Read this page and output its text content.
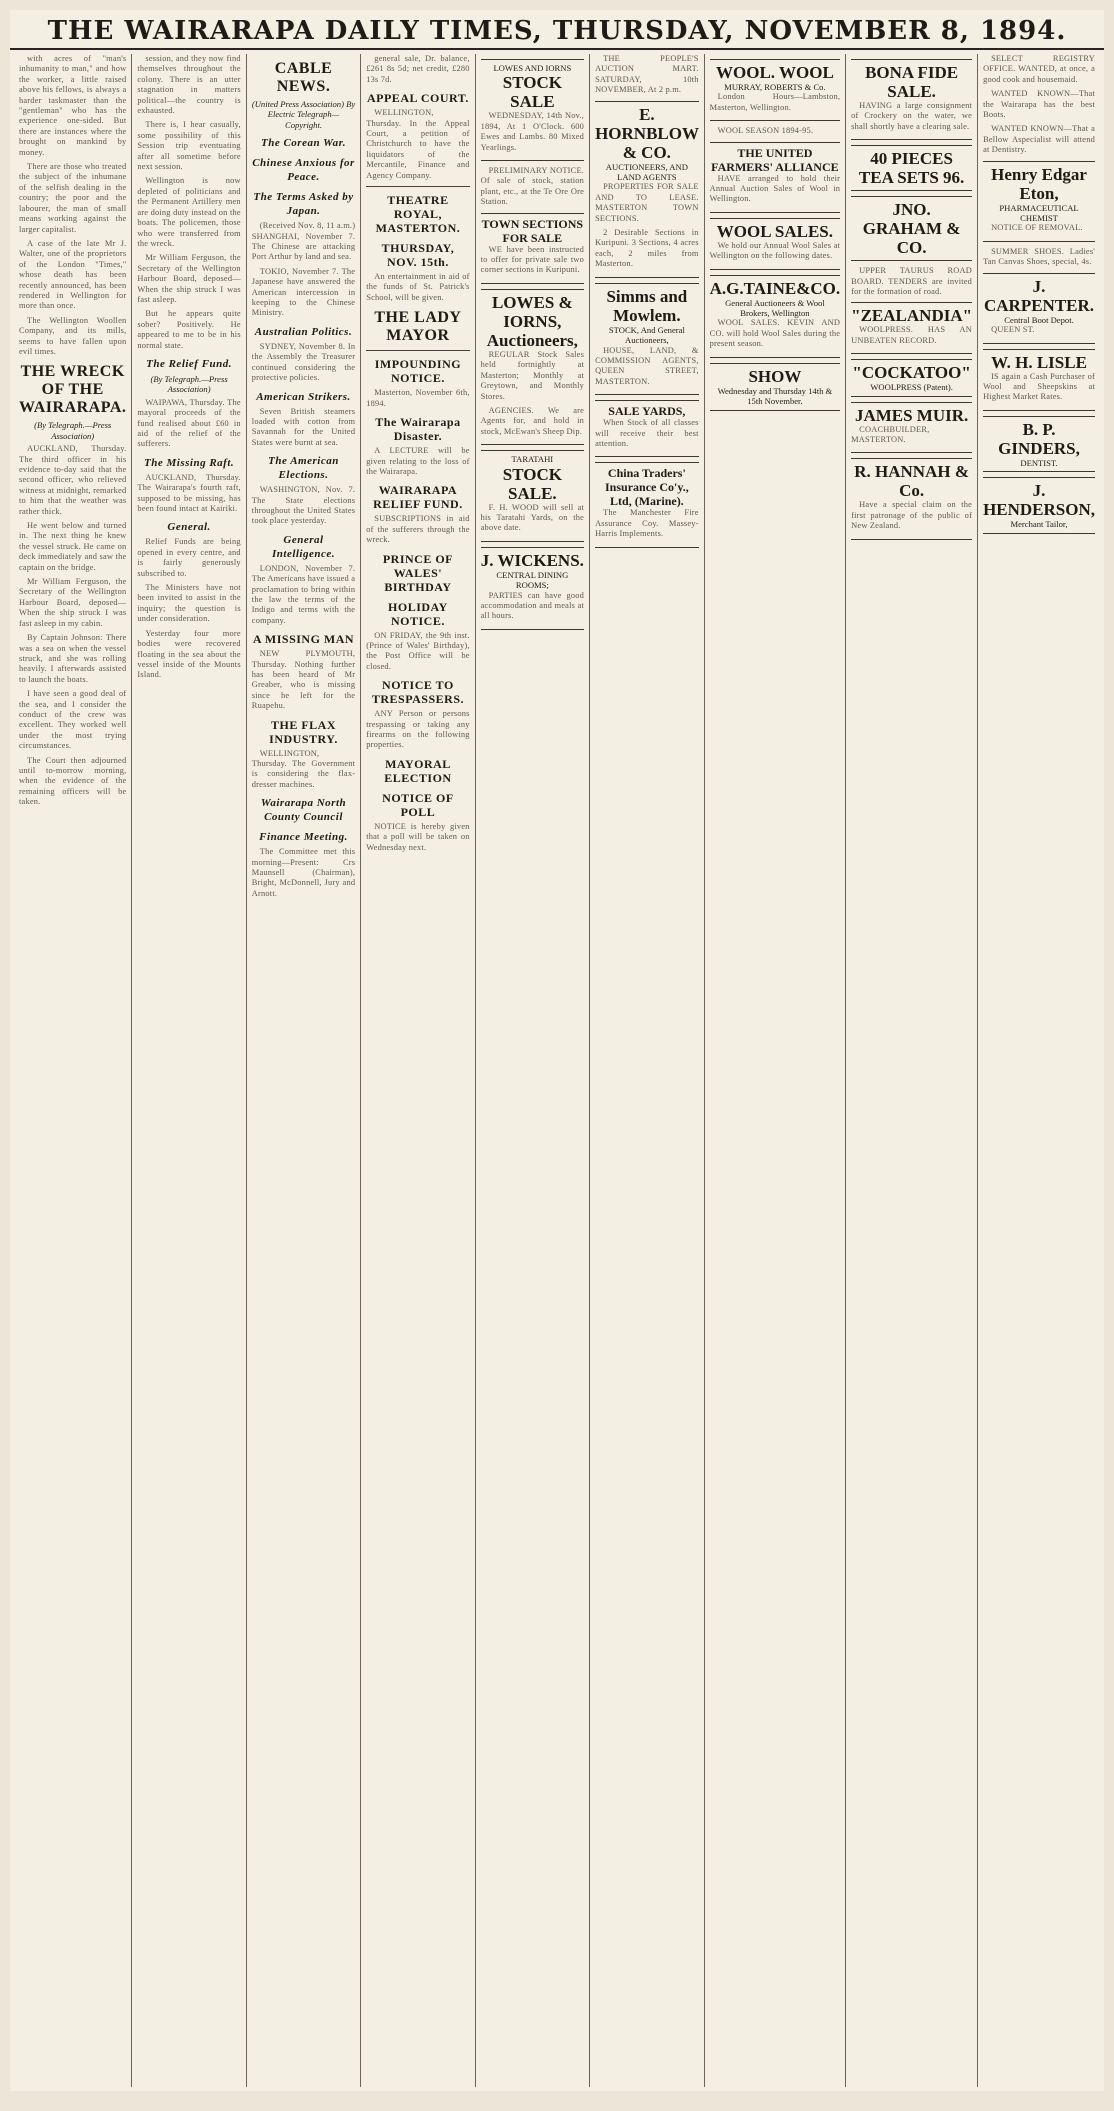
THE WAIRARAPA DAILY TIMES, THURSDAY, NOVEMBER 8, 1894.

with acres of "man's inhumanity to man," and how the worker, a little raised above his fellows, is always a harder taskmaster than the "gentleman" who has the experience one-sided. But there are instances where the brought on mankind by money.

There are those who treated the subject of the inhumane of the selfish dealing in the country; the poor and the labourer, the man of small means working against the larger capitalist.

A case of the late Mr J. Walter, one of the proprietors of the London "Times," whose death has been recently announced, has been rendered in Wellington for more than once.

The Wellington Woollen Company, and its mills, seems to have fallen upon evil times.

THE WRECK OF THE WAIRARAPA.
(By Telegraph.—Press Association)

AUCKLAND, Thursday. The third officer in his evidence to-day said that the second officer, who relieved witness at midnight, remarked to him that the weather was rather thick.

He went below and turned in. The next thing he knew the vessel struck. He came on deck immediately and saw the captain on the bridge.

Mr William Ferguson, the Secretary of the Wellington Harbour Board, deposed—When the ship struck I was fast asleep in my cabin.

By Captain Johnson: There was a sea on when the vessel struck, and she was rolling heavily. I afterwards assisted to launch the boats.

I have seen a good deal of the sea, and I consider the conduct of the crew was excellent. They worked well under the most trying circumstances.

The Court then adjourned until to-morrow morning, when the evidence of the remaining officers will be taken.

session, and they now find themselves throughout the colony. There is an utter stagnation in matters political—the country is exhausted.

There is, I hear casually, some possibility of this Session trip eventuating after all sometime before next session.

Wellington is now depleted of politicians and the Permanent Artillery men are doing duty instead on the boats. The policemen, those who were transferred from the wreck.

Mr William Ferguson, the Secretary of the Wellington Harbour Board, deposed—When the ship struck I was fast asleep.

But he appears quite sober? Positively. He appeared to me to be in his normal state.

The Relief Fund.
(By Telegraph.—Press Association)

WAIPAWA, Thursday. The mayoral proceeds of the fund realised about £60 in aid of the relief of the sufferers.

The Missing Raft.

AUCKLAND, Thursday. The Wairarapa's fourth raft, supposed to be missing, has been found intact at Kairiki.

General.

Relief Funds are being opened in every centre, and is fairly generously subscribed to.

The Ministers have not been invited to assist in the inquiry; the question is under consideration.

Yesterday four more bodies were recovered floating in the sea about the vessel inside of the Mounts Island.

CABLE NEWS.
(United Press Association) By Electric Telegraph—Copyright.
The Corean War.
Chinese Anxious for Peace.
The Terms Asked by Japan.

(Received Nov. 8, 11 a.m.) SHANGHAI, November 7. The Chinese are attacking Port Arthur by land and sea.

TOKIO, November 7. The Japanese have answered the American intercession in keeping to the Chinese Ministry.

Australian Politics.

SYDNEY, November 8. In the Assembly the Treasurer continued considering the protective policies.

American Strikers.

Seven British steamers loaded with cotton from Savannah for the United States were burnt at sea.

The American Elections.

WASHINGTON, Nov. 7. The State elections throughout the United States took place yesterday.

General Intelligence.

LONDON, November 7. The Americans have issued a proclamation to bring within the law the terms of the Indigo and terms with the company.

A MISSING MAN

NEW PLYMOUTH, Thursday. Nothing further has been heard of Mr Greaber, who is missing since he left for the Ruapehu.

THE FLAX INDUSTRY.

WELLINGTON, Thursday. The Government is considering the flax-dresser machines.

Wairarapa North County Council
Finance Meeting.

The Committee met this morning—Present: Crs Maunsell (Chairman), Bright, McDonnell, Jury and Arnott.

general sale, Dr. balance, £261 8s 5d; net credit, £280 13s 7d.

APPEAL COURT.

WELLINGTON, Thursday. In the Appeal Court, a petition of Christchurch to have the liquidators of the Mercantile, Finance and Agency Company.

THEATRE ROYAL, MASTERTON.
THURSDAY, NOV. 15th.

An entertainment in aid of the funds of St. Patrick's School, will be given.

THE LADY MAYOR
IMPOUNDING NOTICE.

Masterton, November 6th, 1894.

The Wairarapa Disaster.

A LECTURE will be given relating to the loss of the Wairarapa.

WAIRARAPA RELIEF FUND.

SUBSCRIPTIONS in aid of the sufferers through the wreck.

PRINCE OF WALES' BIRTHDAY
HOLIDAY NOTICE.

ON FRIDAY, the 9th inst. (Prince of Wales' Birthday), the Post Office will be closed.

NOTICE TO TRESPASSERS.

ANY Person or persons trespassing or taking any firearms on the following properties.

MAYORAL ELECTION
NOTICE OF POLL

NOTICE is hereby given that a poll will be taken on Wednesday next.

LOWES AND IORNS
STOCK SALE

WEDNESDAY, 14th Nov., 1894, At 1 O'Clock. 600 Ewes and Lambs. 80 Mixed Yearlings.

PRELIMINARY NOTICE. Of sale of stock, station plant, etc., at the Te Ore Ore Station.

TOWN SECTIONS FOR SALE

WE have been instructed to offer for private sale two corner sections in Kuripuni.

LOWES & IORNS, Auctioneers,

REGULAR Stock Sales held fortnightly at Masterton; Monthly at Greytown, and Monthly Stores.

AGENCIES. We are Agents for, and hold in stock, McEwan's Sheep Dip.

TARATAHI
STOCK SALE.

F. H. WOOD will sell at his Taratahi Yards, on the above date.

J. WICKENS.
CENTRAL DINING ROOMS;

PARTIES can have good accommodation and meals at all hours.

THE PEOPLE'S AUCTION MART. SATURDAY, 10th NOVEMBER, At 2 p.m.

E. HORNBLOW & CO.
AUCTIONEERS, AND LAND AGENTS

PROPERTIES FOR SALE AND TO LEASE. MASTERTON TOWN SECTIONS.

2 Desirable Sections in Kuripuni. 3 Sections, 4 acres each, 2 miles from Masterton.

Simms and Mowlem.
STOCK, And General Auctioneers,

HOUSE, LAND, & COMMISSION AGENTS, QUEEN STREET, MASTERTON.

SALE YARDS,

When Stock of all classes will receive their best attention.

China Traders' Insurance Co'y., Ltd, (Marine).

The Manchester Fire Assurance Coy. Massey-Harris Implements.

WOOL. WOOL
MURRAY, ROBERTS & Co.

London Hours—Lambston, Masterton, Wellington.

WOOL SEASON 1894-95.

THE UNITED FARMERS' ALLIANCE

HAVE arranged to hold their Annual Auction Sales of Wool in Wellington.

WOOL SALES.

We hold our Annual Wool Sales at Wellington on the following dates.

A.G.TAINE&CO.
General Auctioneers & Wool Brokers, Wellington

WOOL SALES. KEVIN AND CO. will hold Wool Sales during the present season.

SHOW
Wednesday and Thursday 14th & 15th November.
BONA FIDE SALE.

HAVING a large consignment of Crockery on the water, we shall shortly have a clearing sale.

40 PIECES TEA SETS 96.
JNO. GRAHAM & CO.

UPPER TAURUS ROAD BOARD. TENDERS are invited for the formation of road.

"ZEALANDIA"

WOOLPRESS. HAS AN UNBEATEN RECORD.

"COCKATOO"
WOOLPRESS (Patent).
JAMES MUIR.

COACHBUILDER, MASTERTON.

R. HANNAH & Co.

Have a special claim on the first patronage of the public of New Zealand.

SELECT REGISTRY OFFICE. WANTED, at once, a good cook and housemaid.

WANTED KNOWN—That the Wairarapa has the best Boots.

WANTED KNOWN—That a Bellow Aspecialist will attend at Dentistry.

Henry Edgar Eton,
PHARMACEUTICAL CHEMIST

NOTICE OF REMOVAL.

SUMMER SHOES. Ladies' Tan Canvas Shoes, special, 4s.

J. CARPENTER.
Central Boot Depot.

QUEEN ST.

W. H. LISLE

IS again a Cash Purchaser of Wool and Sheepskins at Highest Market Rates.

B. P. GINDERS,
DENTIST.
J. HENDERSON,
Merchant Tailor,
